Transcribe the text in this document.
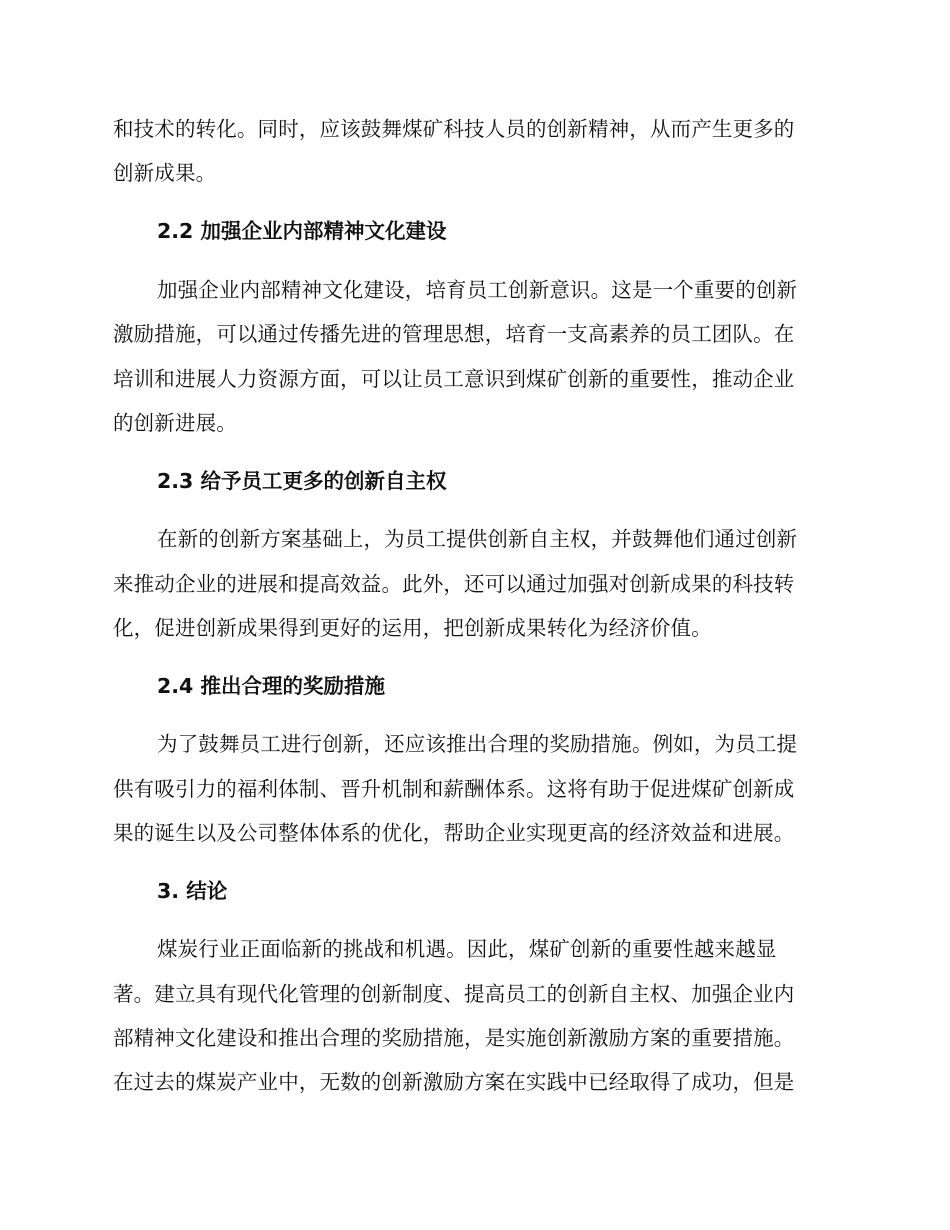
和技术的转化。同时，应该鼓舞煤矿科技人员的创新精神，从而产生更多的
创新成果。
2.2 加强企业内部精神文化建设
加强企业内部精神文化建设，培育员工创新意识。这是一个重要的创新
激励措施，可以通过传播先进的管理思想，培育一支高素养的员工团队。在
培训和进展人力资源方面，可以让员工意识到煤矿创新的重要性，推动企业
的创新进展。
2.3 给予员工更多的创新自主权
在新的创新方案基础上，为员工提供创新自主权，并鼓舞他们通过创新
来推动企业的进展和提高效益。此外，还可以通过加强对创新成果的科技转
化，促进创新成果得到更好的运用，把创新成果转化为经济价值。
2.4 推出合理的奖励措施
为了鼓舞员工进行创新，还应该推出合理的奖励措施。例如，为员工提
供有吸引力的福利体制、晋升机制和薪酬体系。这将有助于促进煤矿创新成
果的诞生以及公司整体体系的优化，帮助企业实现更高的经济效益和进展。
3. 结论
煤炭行业正面临新的挑战和机遇。因此，煤矿创新的重要性越来越显
著。建立具有现代化管理的创新制度、提高员工的创新自主权、加强企业内
部精神文化建设和推出合理的奖励措施，是实施创新激励方案的重要措施。
在过去的煤炭产业中，无数的创新激励方案在实践中已经取得了成功，但是
